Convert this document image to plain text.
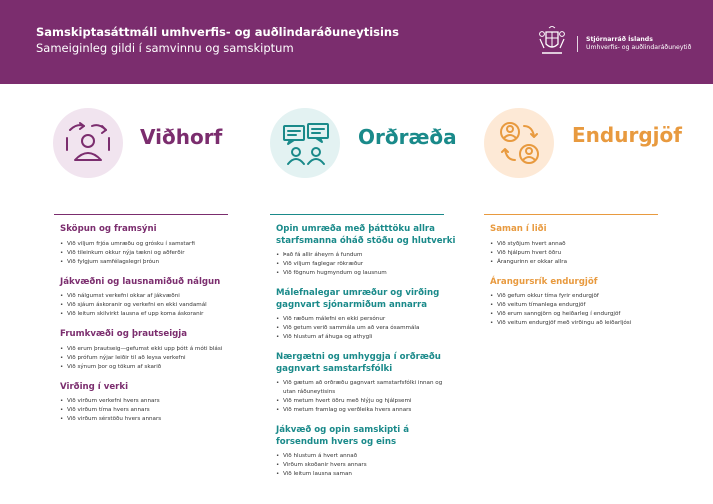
Samskiptasáttmáli umhverfis- og auðlindaráðuneytisins
Sameiginleg gildi í samvinnu og samskiptum
Stjórnarráð Íslands
Umhverfis- og auðlindaráðuneytið
Viðhorf	Orðræða	Endurgjöf
Sköpun og framsýni
• Við viljum frjóa umræðu og grósku í samstarfi
• Við tileinkum okkur nýja tækni og aðferðir
• Við fylgjum samfélagslegri þróun
Jákvæðni og lausnamiðuð nálgun
• Við nálgumst verkefni okkar af jákvæðni
• Við sjáum áskoranir og verkefni en ekki vandamál
• Við leitum skilvirkt lausna ef upp koma áskoranir
Frumkvæði og þrautseigja
• Við erum þrautseig—gefumst ekki upp þótt á móti blási
• Við prófum nýjar leiðir til að leysa verkefni
• Við sýnum þor og tökum af skarið
Virðing í verki
• Við virðum verkefni hvers annars
• Við virðum tíma hvers annars
• Við virðum sérstöðu hvers annars
Opin umræða með þátttöku allra starfsmanna óháð stöðu og hlutverki
• Það fá allir áheyrn á fundum
• Við viljum faglegar rökræður
• Við fögnum hugmyndum og lausnum
Málefnalegar umræður og virðing gagnvart sjónarmiðum annarra
• Við ræðum málefni en ekki persónur
• Við getum verið sammála um að vera ósammála
• Við hlustum af áhuga og athygli
Nærgætni og umhyggja í orðræðu gagnvart samstarfsfólki
• Við gætum að orðræðu gagnvart samstarfsfólki innan og utan ráðuneytisins
• Við metum hvert öðru með hlýju og hjálpsemi
• Við metum framlag og verðleika hvers annars
Jákvæð og opin samskipti á forsendum hvers og eins
• Við hlustum á hvert annað
• Virðum skoðanir hvers annars
• Við leitum lausna saman
Saman í liði
• Við styðjum hvert annað
• Við hjálpum hvert öðru
• Árangurinn er okkar allra
Árangursrík endurgjöf
• Við gefum okkur tíma fyrir endurgjöf
• Við veitum tímanlega endurgjöf
• Við erum sanngjörn og heiðarleg í endurgjöf
• Við veitum endurgjöf með virðingu að leiðarljósi
